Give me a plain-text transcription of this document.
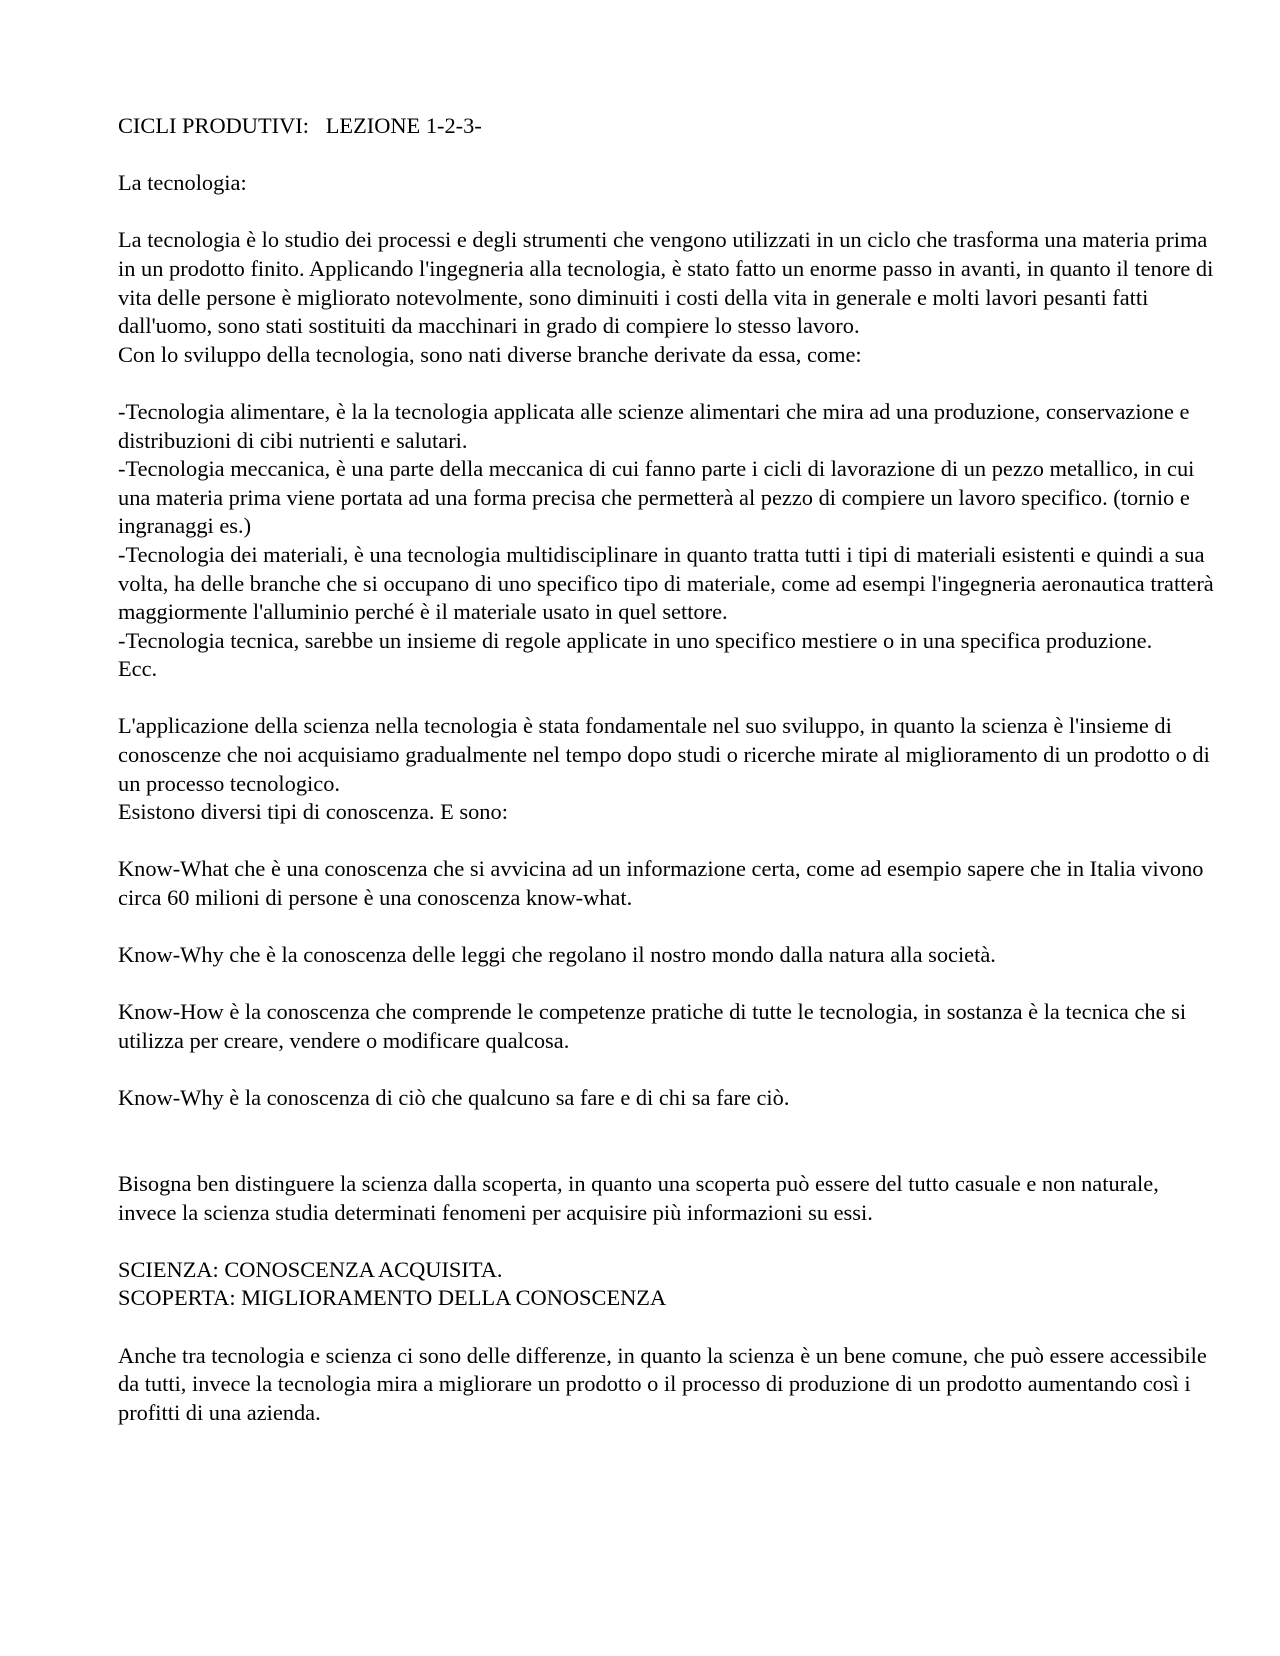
CICLI PRODUTIVI:   LEZIONE 1-2-3-

La tecnologia:

La tecnologia è lo studio dei processi e degli strumenti che vengono utilizzati in un ciclo che trasforma una materia prima in un prodotto finito. Applicando l'ingegneria alla tecnologia, è stato fatto un enorme passo in avanti, in quanto il tenore di vita delle persone è migliorato notevolmente, sono diminuiti i costi della vita in generale e molti lavori pesanti fatti dall'uomo, sono stati sostituiti da macchinari in grado di compiere lo stesso lavoro.

Con lo sviluppo della tecnologia, sono nati diverse branche derivate da essa, come:

-Tecnologia alimentare, è la la tecnologia applicata alle scienze alimentari che mira ad una produzione, conservazione e distribuzioni di cibi nutrienti e salutari.

-Tecnologia meccanica, è una parte della meccanica di cui fanno parte i cicli di lavorazione di un pezzo metallico, in cui una materia prima viene portata ad una forma precisa che permetterà al pezzo di compiere un lavoro specifico. (tornio e ingranaggi es.)

-Tecnologia dei materiali, è una tecnologia multidisciplinare in quanto tratta tutti i tipi di materiali esistenti e quindi a sua volta, ha delle branche che si occupano di uno specifico tipo di materiale, come ad esempi l'ingegneria aeronautica tratterà maggiormente l'alluminio perché è il materiale usato in quel settore.

-Tecnologia tecnica, sarebbe un insieme di regole applicate in uno specifico mestiere o in una specifica produzione.

Ecc.

L'applicazione della scienza nella tecnologia è stata fondamentale nel suo sviluppo, in quanto la scienza è l'insieme di conoscenze che noi acquisiamo gradualmente nel tempo dopo studi o ricerche mirate al miglioramento di un prodotto o di un processo tecnologico.

Esistono diversi tipi di conoscenza. E sono:

Know-What che è una conoscenza che si avvicina ad un informazione certa, come ad esempio sapere che in Italia vivono circa 60 milioni di persone è una conoscenza know-what.

Know-Why che è la conoscenza delle leggi che regolano il nostro mondo dalla natura alla società.

Know-How è la conoscenza che comprende le competenze pratiche di tutte le tecnologia, in sostanza è la tecnica che si utilizza per creare, vendere o modificare qualcosa.

Know-Why è la conoscenza di ciò che qualcuno sa fare e di chi sa fare ciò.

Bisogna ben distinguere la scienza dalla scoperta, in quanto una scoperta può essere del tutto casuale e non naturale, invece la scienza studia determinati fenomeni per acquisire più informazioni su essi.

SCIENZA: CONOSCENZA ACQUISITA.

SCOPERTA: MIGLIORAMENTO DELLA CONOSCENZA

Anche tra tecnologia e scienza ci sono delle differenze, in quanto la scienza è un bene comune, che può essere accessibile da tutti, invece la tecnologia mira a migliorare un prodotto o il processo di produzione di un prodotto aumentando così i profitti di una azienda.
